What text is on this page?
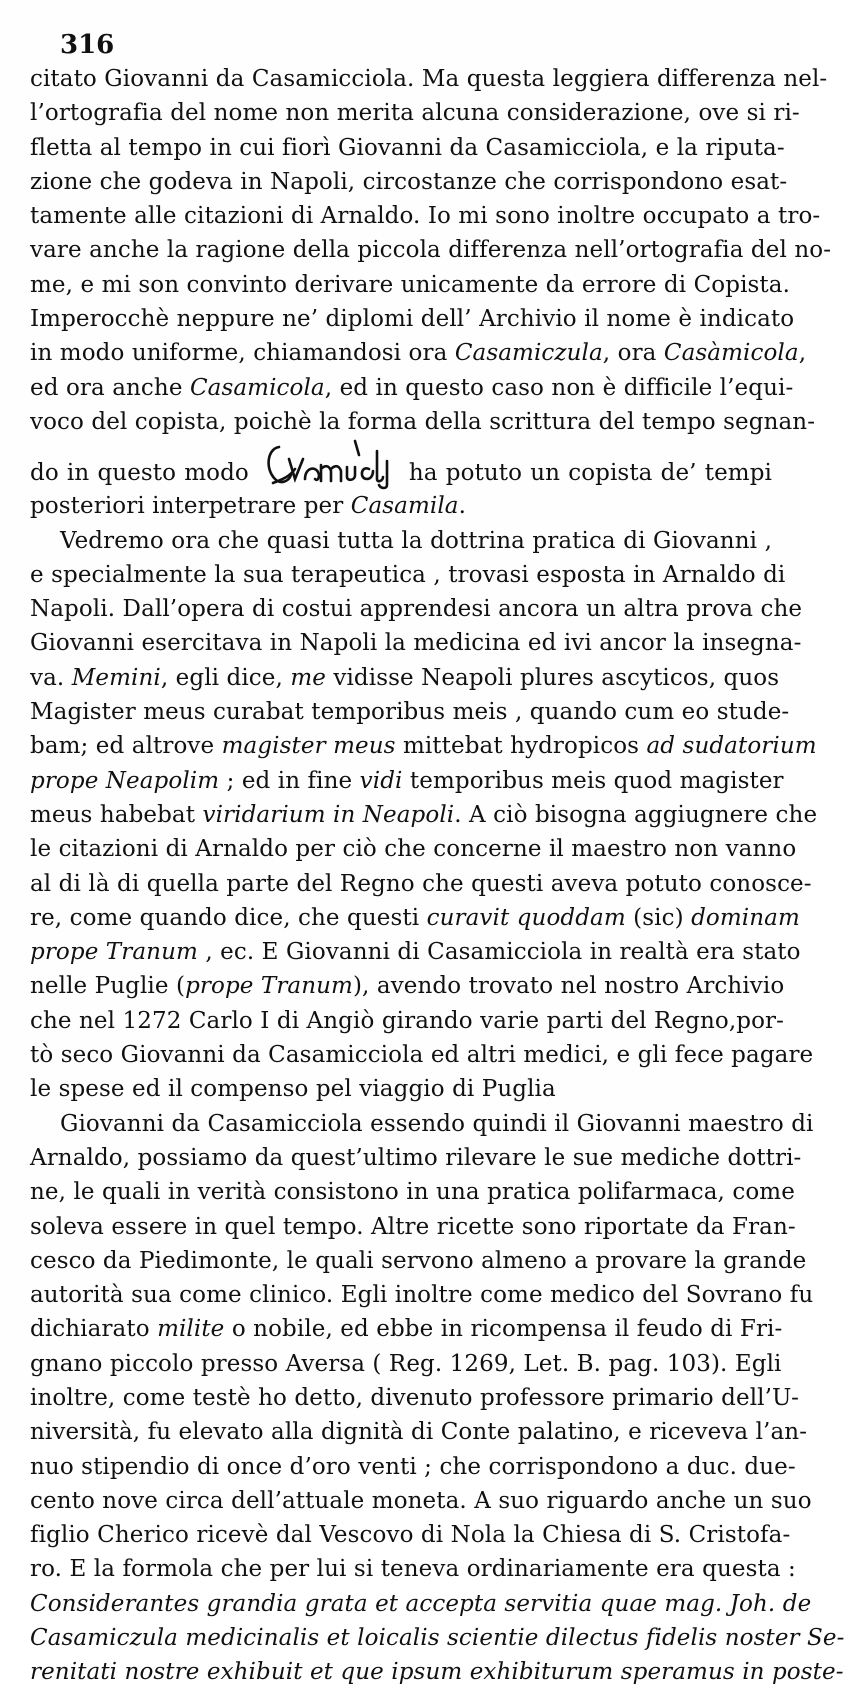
316
citato Giovanni da Casamicciola. Ma questa leggiera differenza nel-
l’ortografia del nome non merita alcuna considerazione, ove si ri-
fletta al tempo in cui fiorì Giovanni da Casamicciola, e la riputa-
zione che godeva in Napoli, circostanze che corrispondono esat-
tamente alle citazioni di Arnaldo. Io mi sono inoltre occupato a tro-
vare anche la ragione della piccola differenza nell’ortografia del no-
me, e mi son convinto derivare unicamente da errore di Copista.
Imperocchè neppure ne’ diplomi dell’ Archivio il nome è indicato
in modo uniforme, chiamandosi ora Casamiczula, ora Casàmicola,
ed ora anche Casamicola, ed in questo caso non è difficile l’equi-
voco del copista, poichè la forma della scrittura del tempo segnan-
do in questo modo	ha potuto un copista de’ tempi
posteriori interpetrare per Casamila.
Vedremo ora che quasi tutta la dottrina pratica di Giovanni ,
e specialmente la sua terapeutica , trovasi esposta in Arnaldo di
Napoli. Dall’opera di costui apprendesi ancora un altra prova che
Giovanni esercitava in Napoli la medicina ed ivi ancor la insegna-
va. Memini, egli dice, me vidisse Neapoli plures ascyticos, quos
Magister meus curabat temporibus meis , quando cum eo stude-
bam; ed altrove magister meus mittebat hydropicos ad sudatorium
prope Neapolim ; ed in fine vidi temporibus meis quod magister
meus habebat viridarium in Neapoli. A ciò bisogna aggiugnere che
le citazioni di Arnaldo per ciò che concerne il maestro non vanno
al di là di quella parte del Regno che questi aveva potuto conosce-
re, come quando dice, che questi curavit quoddam (sic) dominam
prope Tranum , ec. E Giovanni di Casamicciola in realtà era stato
nelle Puglie (prope Tranum), avendo trovato nel nostro Archivio
che nel 1272 Carlo I di Angiò girando varie parti del Regno,por-
tò seco Giovanni da Casamicciola ed altri medici, e gli fece pagare
le spese ed il compenso pel viaggio di Puglia
Giovanni da Casamicciola essendo quindi il Giovanni maestro di
Arnaldo, possiamo da quest’ultimo rilevare le sue mediche dottri-
ne, le quali in verità consistono in una pratica polifarmaca, come
soleva essere in quel tempo. Altre ricette sono riportate da Fran-
cesco da Piedimonte, le quali servono almeno a provare la grande
autorità sua come clinico. Egli inoltre come medico del Sovrano fu
dichiarato milite o nobile, ed ebbe in ricompensa il feudo di Fri-
gnano piccolo presso Aversa ( Reg. 1269, Let. B. pag. 103). Egli
inoltre, come testè ho detto, divenuto professore primario dell’U-
niversità, fu elevato alla dignità di Conte palatino, e riceveva l’an-
nuo stipendio di once d’oro venti ; che corrispondono a duc. due-
cento nove circa dell’attuale moneta. A suo riguardo anche un suo
figlio Cherico ricevè dal Vescovo di Nola la Chiesa di S. Cristofa-
ro. E la formola che per lui si teneva ordinariamente era questa :
Considerantes grandia grata et accepta servitia quae mag. Joh. de
Casamiczula medicinalis et loicalis scientie dilectus fidelis noster Se-
renitati nostre exhibuit et que ipsum exhibiturum speramus in poste-
